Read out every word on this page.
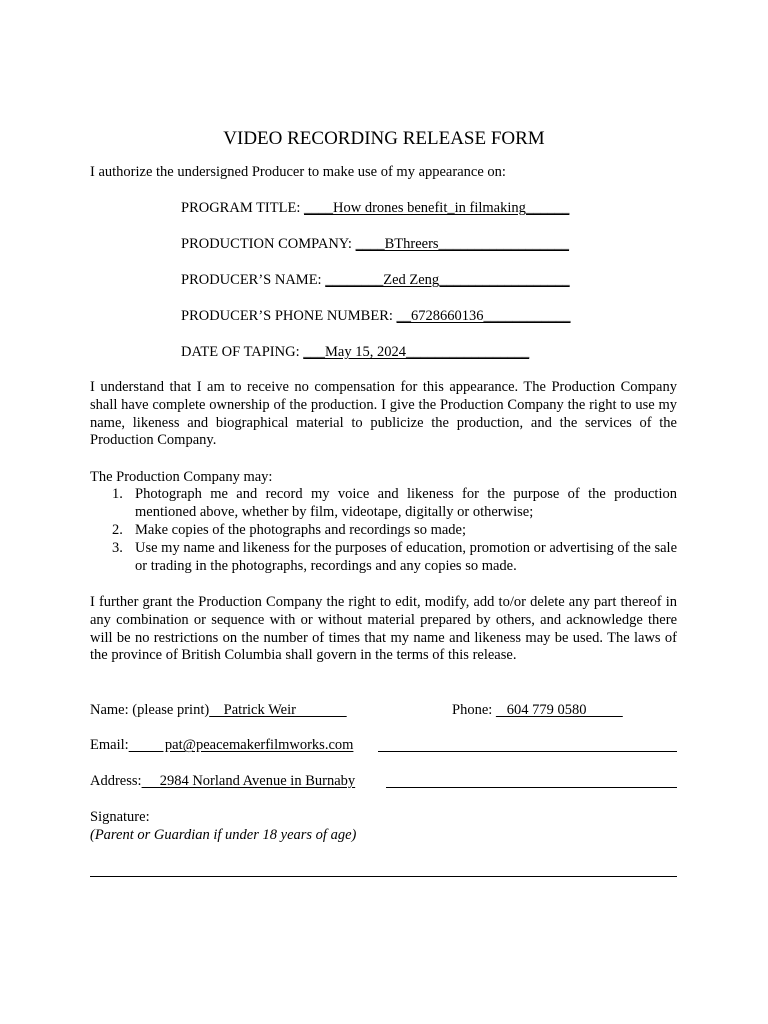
VIDEO RECORDING RELEASE FORM
I authorize the undersigned Producer to make use of my appearance on:
PROGRAM TITLE: ____How drones benefit_in filmaking______
PRODUCTION COMPANY: ____BThreers__________________
PRODUCER’S NAME: ________Zed Zeng__________________
PRODUCER’S PHONE NUMBER: __6728660136____________
DATE OF TAPING: ___May 15, 2024_________________
I understand that I am to receive no compensation for this appearance. The Production Company shall have complete ownership of the production. I give the Production Company the right to use my name, likeness and biographical material to publicize the production, and the services of the Production Company.
The Production Company may:
1. Photograph me and record my voice and likeness for the purpose of the production mentioned above, whether by film, videotape, digitally or otherwise;
2. Make copies of the photographs and recordings so made;
3. Use my name and likeness for the purposes of education, promotion or advertising of the sale or trading in the photographs, recordings and any copies so made.
I further grant the Production Company the right to edit, modify, add to/or delete any part thereof in any combination or sequence with or without material prepared by others, and acknowledge there will be no restrictions on the number of times that my name and likeness may be used. The laws of the province of British Columbia shall govern in the terms of this release.
Name: (please print)    Patrick Weir	Phone:    604 779 0580
Email:          pat@peacemakerfilmworks.com
Address:     2984 Norland Avenue in Burnaby
Signature:
(Parent or Guardian if under 18 years of age)
